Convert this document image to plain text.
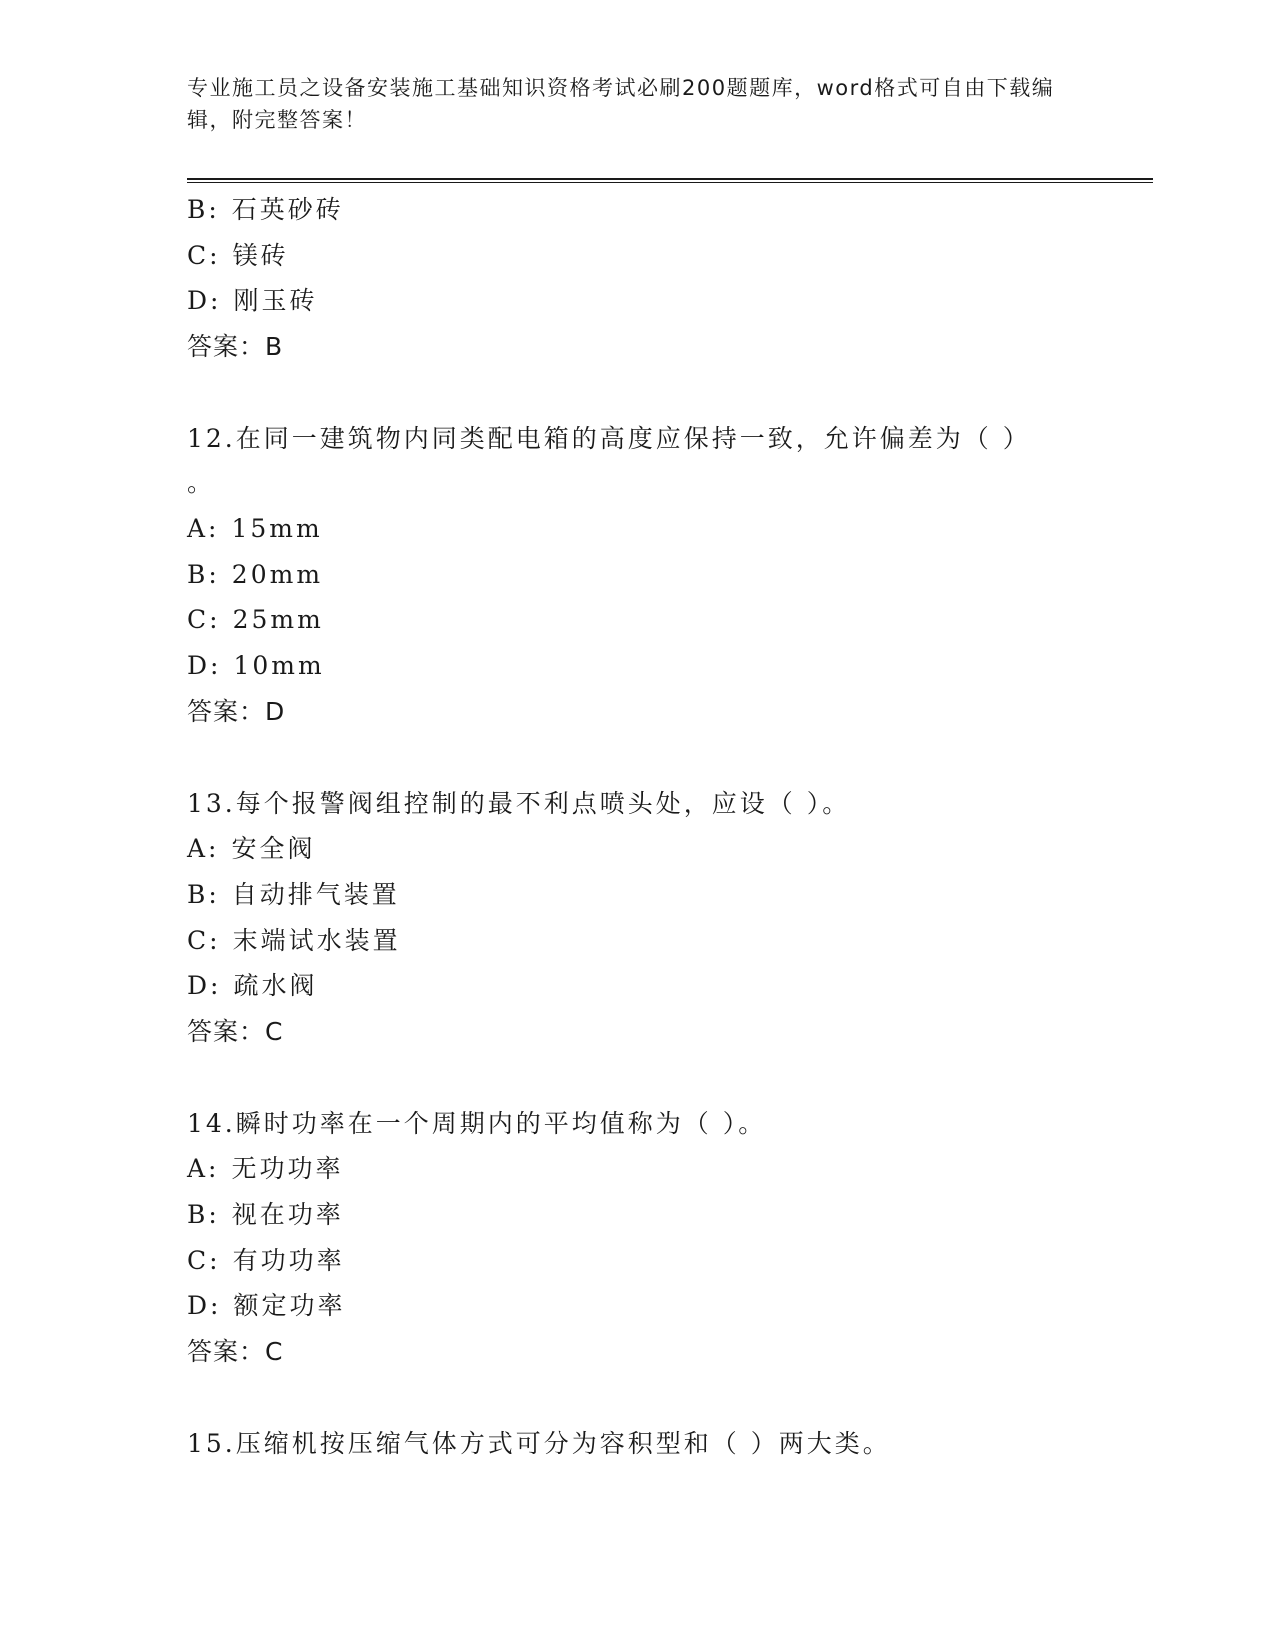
专业施工员之设备安装施工基础知识资格考试必刷200题题库，word格式可自由下载编辑，附完整答案！
B: 石英砂砖
C: 镁砖
D: 刚玉砖
答案：B
12.在同一建筑物内同类配电箱的高度应保持一致，允许偏差为（ ）
。
A: 15mm
B: 20mm
C: 25mm
D: 10mm
答案：D
13.每个报警阀组控制的最不利点喷头处，应设（ ）。
A: 安全阀
B: 自动排气装置
C: 末端试水装置
D: 疏水阀
答案：C
14.瞬时功率在一个周期内的平均值称为（ ）。
A: 无功功率
B: 视在功率
C: 有功功率
D: 额定功率
答案：C
15.压缩机按压缩气体方式可分为容积型和（ ）两大类。
